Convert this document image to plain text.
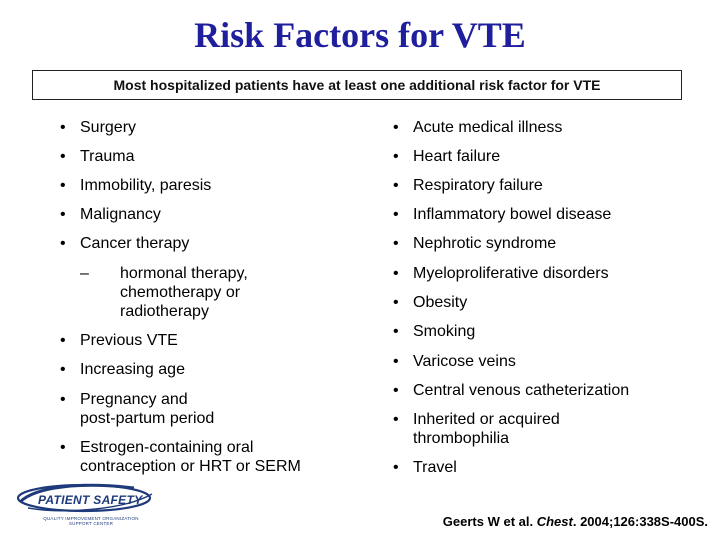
Risk Factors for VTE
Most hospitalized patients have at least one additional risk factor for VTE
• Surgery
• Trauma
• Immobility, paresis
• Malignancy
• Cancer therapy
– hormonal therapy,
chemotherapy or
radiotherapy
• Previous VTE
• Increasing age
• Pregnancy and
post-partum period
• Estrogen-containing oral
contraception or HRT or SERM
• Acute medical illness
• Heart failure
• Respiratory failure
• Inflammatory bowel disease
• Nephrotic syndrome
• Myeloproliferative disorders
• Obesity
• Smoking
• Varicose veins
• Central venous catheterization
• Inherited or acquired
thrombophilia
• Travel
PATIENT SAFETY
QUALITY IMPROVEMENT ORGANIZATION SUPPORT CENTER	Geerts W et al. Chest. 2004;126:338S-400S.
